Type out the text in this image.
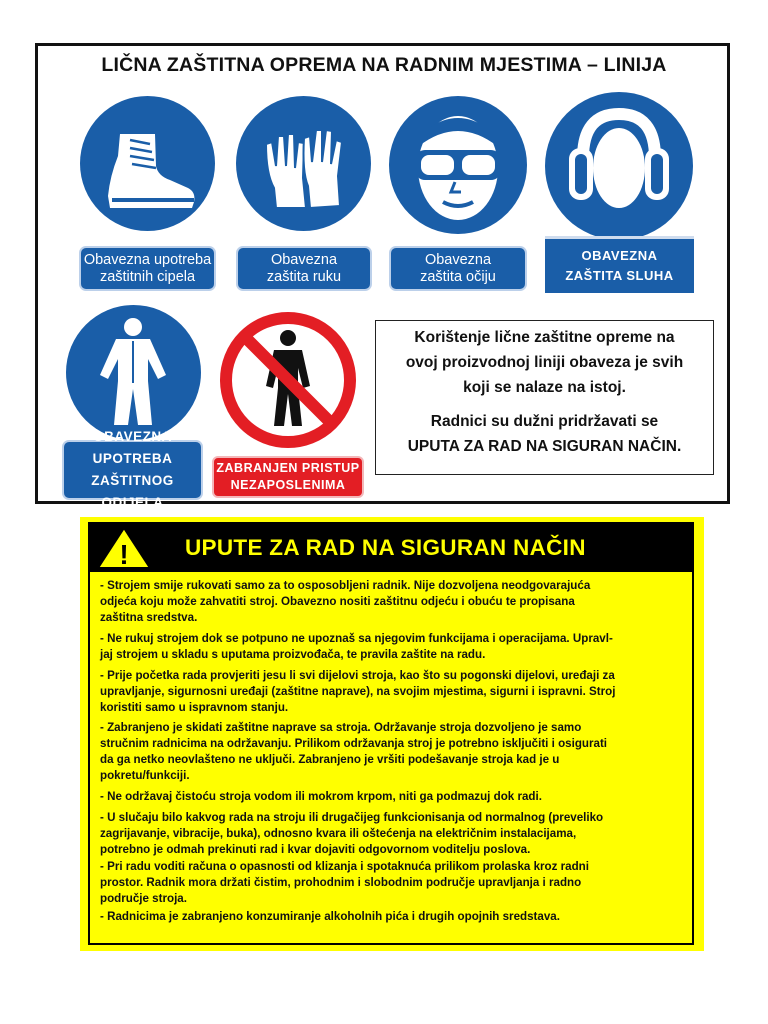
LIČNA ZAŠTITNA OPREMA NA RADNIM MJESTIMA – LINIJA
Obavezna upotreba
zaštitnih cipela
Obavezna
zaštita ruku
Obavezna
zaštita očiju
OBAVEZNA
ZAŠTITA SLUHA
OBAVEZNA UPOTREBA
ZAŠTITNOG ODIJELA
ZABRANJEN PRISTUP
NEZAPOSLENIMA

Korištenje lične zaštitne opreme na

ovoj proizvodnoj liniji obaveza je svih

koji se nalaze na istoj.

Radnici su dužni pridržavati se

UPUTA ZA RAD NA SIGURAN NAČIN.

!	UPUTE ZA RAD NA SIGURAN NAČIN
- Strojem smije rukovati samo za to osposobljeni radnik. Nije dozvoljena neodgovarajuća
odjeća koju može zahvatiti stroj. Obavezno nositi zaštitnu odjeću i obuću te propisana
zaštitna sredstva.
- Ne rukuj strojem dok se potpuno ne upoznaš sa njegovim funkcijama i operacijama. Upravl-
jaj strojem u skladu s uputama proizvođača, te pravila zaštite na radu.
- Prije početka rada provjeriti jesu li svi dijelovi stroja, kao što su pogonski dijelovi, uređaji za
upravljanje, sigurnosni uređaji (zaštitne naprave), na svojim mjestima, sigurni i ispravni. Stroj
koristiti samo u ispravnom stanju.
- Zabranjeno je skidati zaštitne naprave sa stroja. Održavanje stroja dozvoljeno je samo
stručnim radnicima na održavanju. Prilikom održavanja stroj je potrebno isključiti i osigurati
da ga netko neovlašteno ne uključi. Zabranjeno je vršiti podešavanje stroja kad je u
pokretu/funkciji.
- Ne održavaj čistoću stroja vodom ili mokrom krpom, niti ga podmazuj dok radi.
- U slučaju bilo kakvog rada na stroju ili drugačijeg funkcionisanja od normalnog (preveliko
zagrijavanje, vibracije, buka), odnosno kvara ili oštećenja na električnim instalacijama,
potrebno je odmah prekinuti rad i kvar dojaviti odgovornom voditelju poslova.
- Pri radu voditi računa o opasnosti od klizanja i spotaknuća prilikom prolaska kroz radni
prostor. Radnik mora držati čistim, prohodnim i slobodnim područje upravljanja i radno
područje stroja.
- Radnicima je zabranjeno konzumiranje alkoholnih pića i drugih opojnih sredstava.
